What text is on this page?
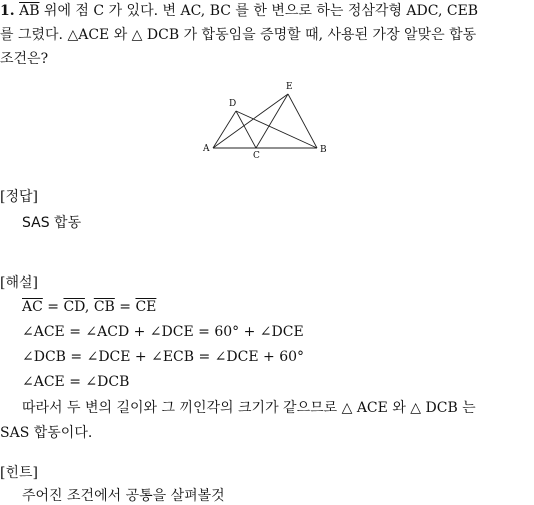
1. $\overline{AB}$ 위에 점 C 가 있다. 변 AC, BC 를 한 변으로 하는 정삼각형 ADC, CEB
를 그렸다. △ACE 와 △ DCB 가 합동임을 증명할 때, 사용된 가장 알맞은 합동
조건은?
A	B
C
D
E
[정답]
SAS 합동
[해설]
$\overline{AC} = \overline{CD}$, $\overline{CB} = \overline{CE}$
∠ACE = ∠ACD + ∠DCE = 60° + ∠DCE
∠DCB = ∠DCE + ∠ECB = ∠DCE + 60°
∠ACE = ∠DCB
따라서 두 변의 길이와 그 끼인각의 크기가 같으므로 △ ACE 와 △ DCB 는
SAS 합동이다.
[힌트]
주어진 조건에서 공통을 살펴볼것
